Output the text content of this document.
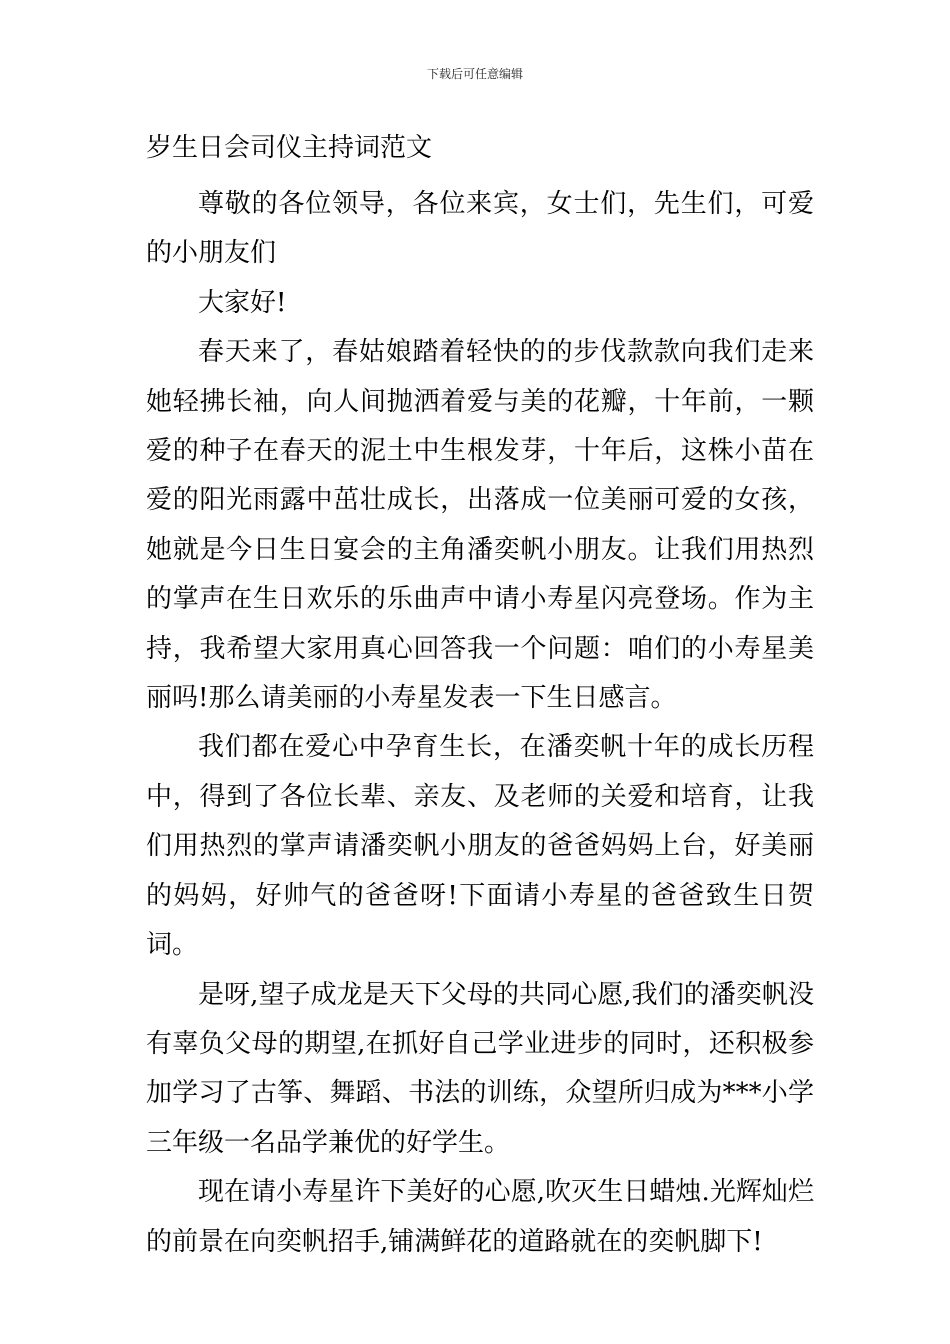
下载后可任意编辑
岁生日会司仪主持词范文

尊敬的各位领导，各位来宾，女士们，先生们，可爱的小朋友们

大家好!

春天来了，春姑娘踏着轻快的的步伐款款向我们走来她轻拂长袖，向人间抛洒着爱与美的花瓣，十年前，一颗爱的种子在春天的泥土中生根发芽，十年后，这株小苗在爱的阳光雨露中茁壮成长，出落成一位美丽可爱的女孩，她就是今日生日宴会的主角潘奕帆小朋友。让我们用热烈的掌声在生日欢乐的乐曲声中请小寿星闪亮登场。作为主持，我希望大家用真心回答我一个问题：咱们的小寿星美丽吗!那么请美丽的小寿星发表一下生日感言。

我们都在爱心中孕育生长，在潘奕帆十年的成长历程中，得到了各位长辈、亲友、及老师的关爱和培育，让我们用热烈的掌声请潘奕帆小朋友的爸爸妈妈上台，好美丽的妈妈，好帅气的爸爸呀!下面请小寿星的爸爸致生日贺词。

是呀,望子成龙是天下父母的共同心愿,我们的潘奕帆没有辜负父母的期望,在抓好自己学业进步的同时，还积极参加学习了古筝、舞蹈、书法的训练，众望所归成为***小学三年级一名品学兼优的好学生。

现在请小寿星许下美好的心愿,吹灭生日蜡烛.光辉灿烂的前景在向奕帆招手,铺满鲜花的道路就在的奕帆脚下!
